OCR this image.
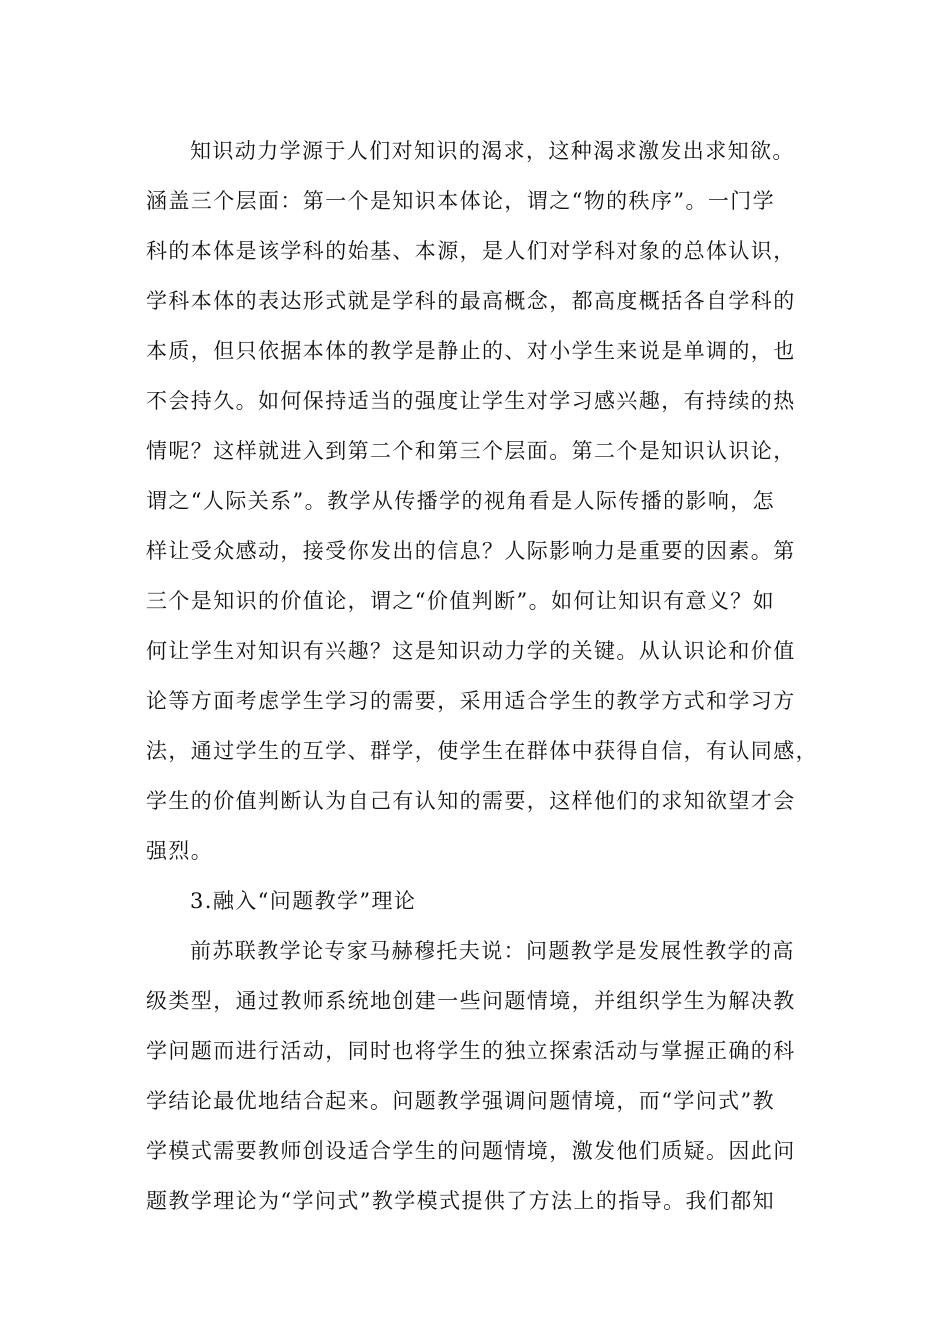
知识动力学源于人们对知识的渴求，这种渴求激发出求知欲。
涵盖三个层面：第一个是知识本体论，谓之“物的秩序”。一门学
科的本体是该学科的始基、本源，是人们对学科对象的总体认识，
学科本体的表达形式就是学科的最高概念，都高度概括各自学科的
本质，但只依据本体的教学是静止的、对小学生来说是单调的，也
不会持久。如何保持适当的强度让学生对学习感兴趣，有持续的热
情呢？这样就进入到第二个和第三个层面。第二个是知识认识论，
谓之“人际关系”。教学从传播学的视角看是人际传播的影响，怎
样让受众感动，接受你发出的信息？人际影响力是重要的因素。第
三个是知识的价值论，谓之“价值判断”。如何让知识有意义？如
何让学生对知识有兴趣？这是知识动力学的关键。从认识论和价值
论等方面考虑学生学习的需要，采用适合学生的教学方式和学习方
法，通过学生的互学、群学，使学生在群体中获得自信，有认同感，
学生的价值判断认为自己有认知的需要，这样他们的求知欲望才会
强烈。
3.融入“问题教学”理论
前苏联教学论专家马赫穆托夫说：问题教学是发展性教学的高
级类型，通过教师系统地创建一些问题情境，并组织学生为解决教
学问题而进行活动，同时也将学生的独立探索活动与掌握正确的科
学结论最优地结合起来。问题教学强调问题情境，而“学问式”教
学模式需要教师创设适合学生的问题情境，激发他们质疑。因此问
题教学理论为“学问式”教学模式提供了方法上的指导。我们都知
